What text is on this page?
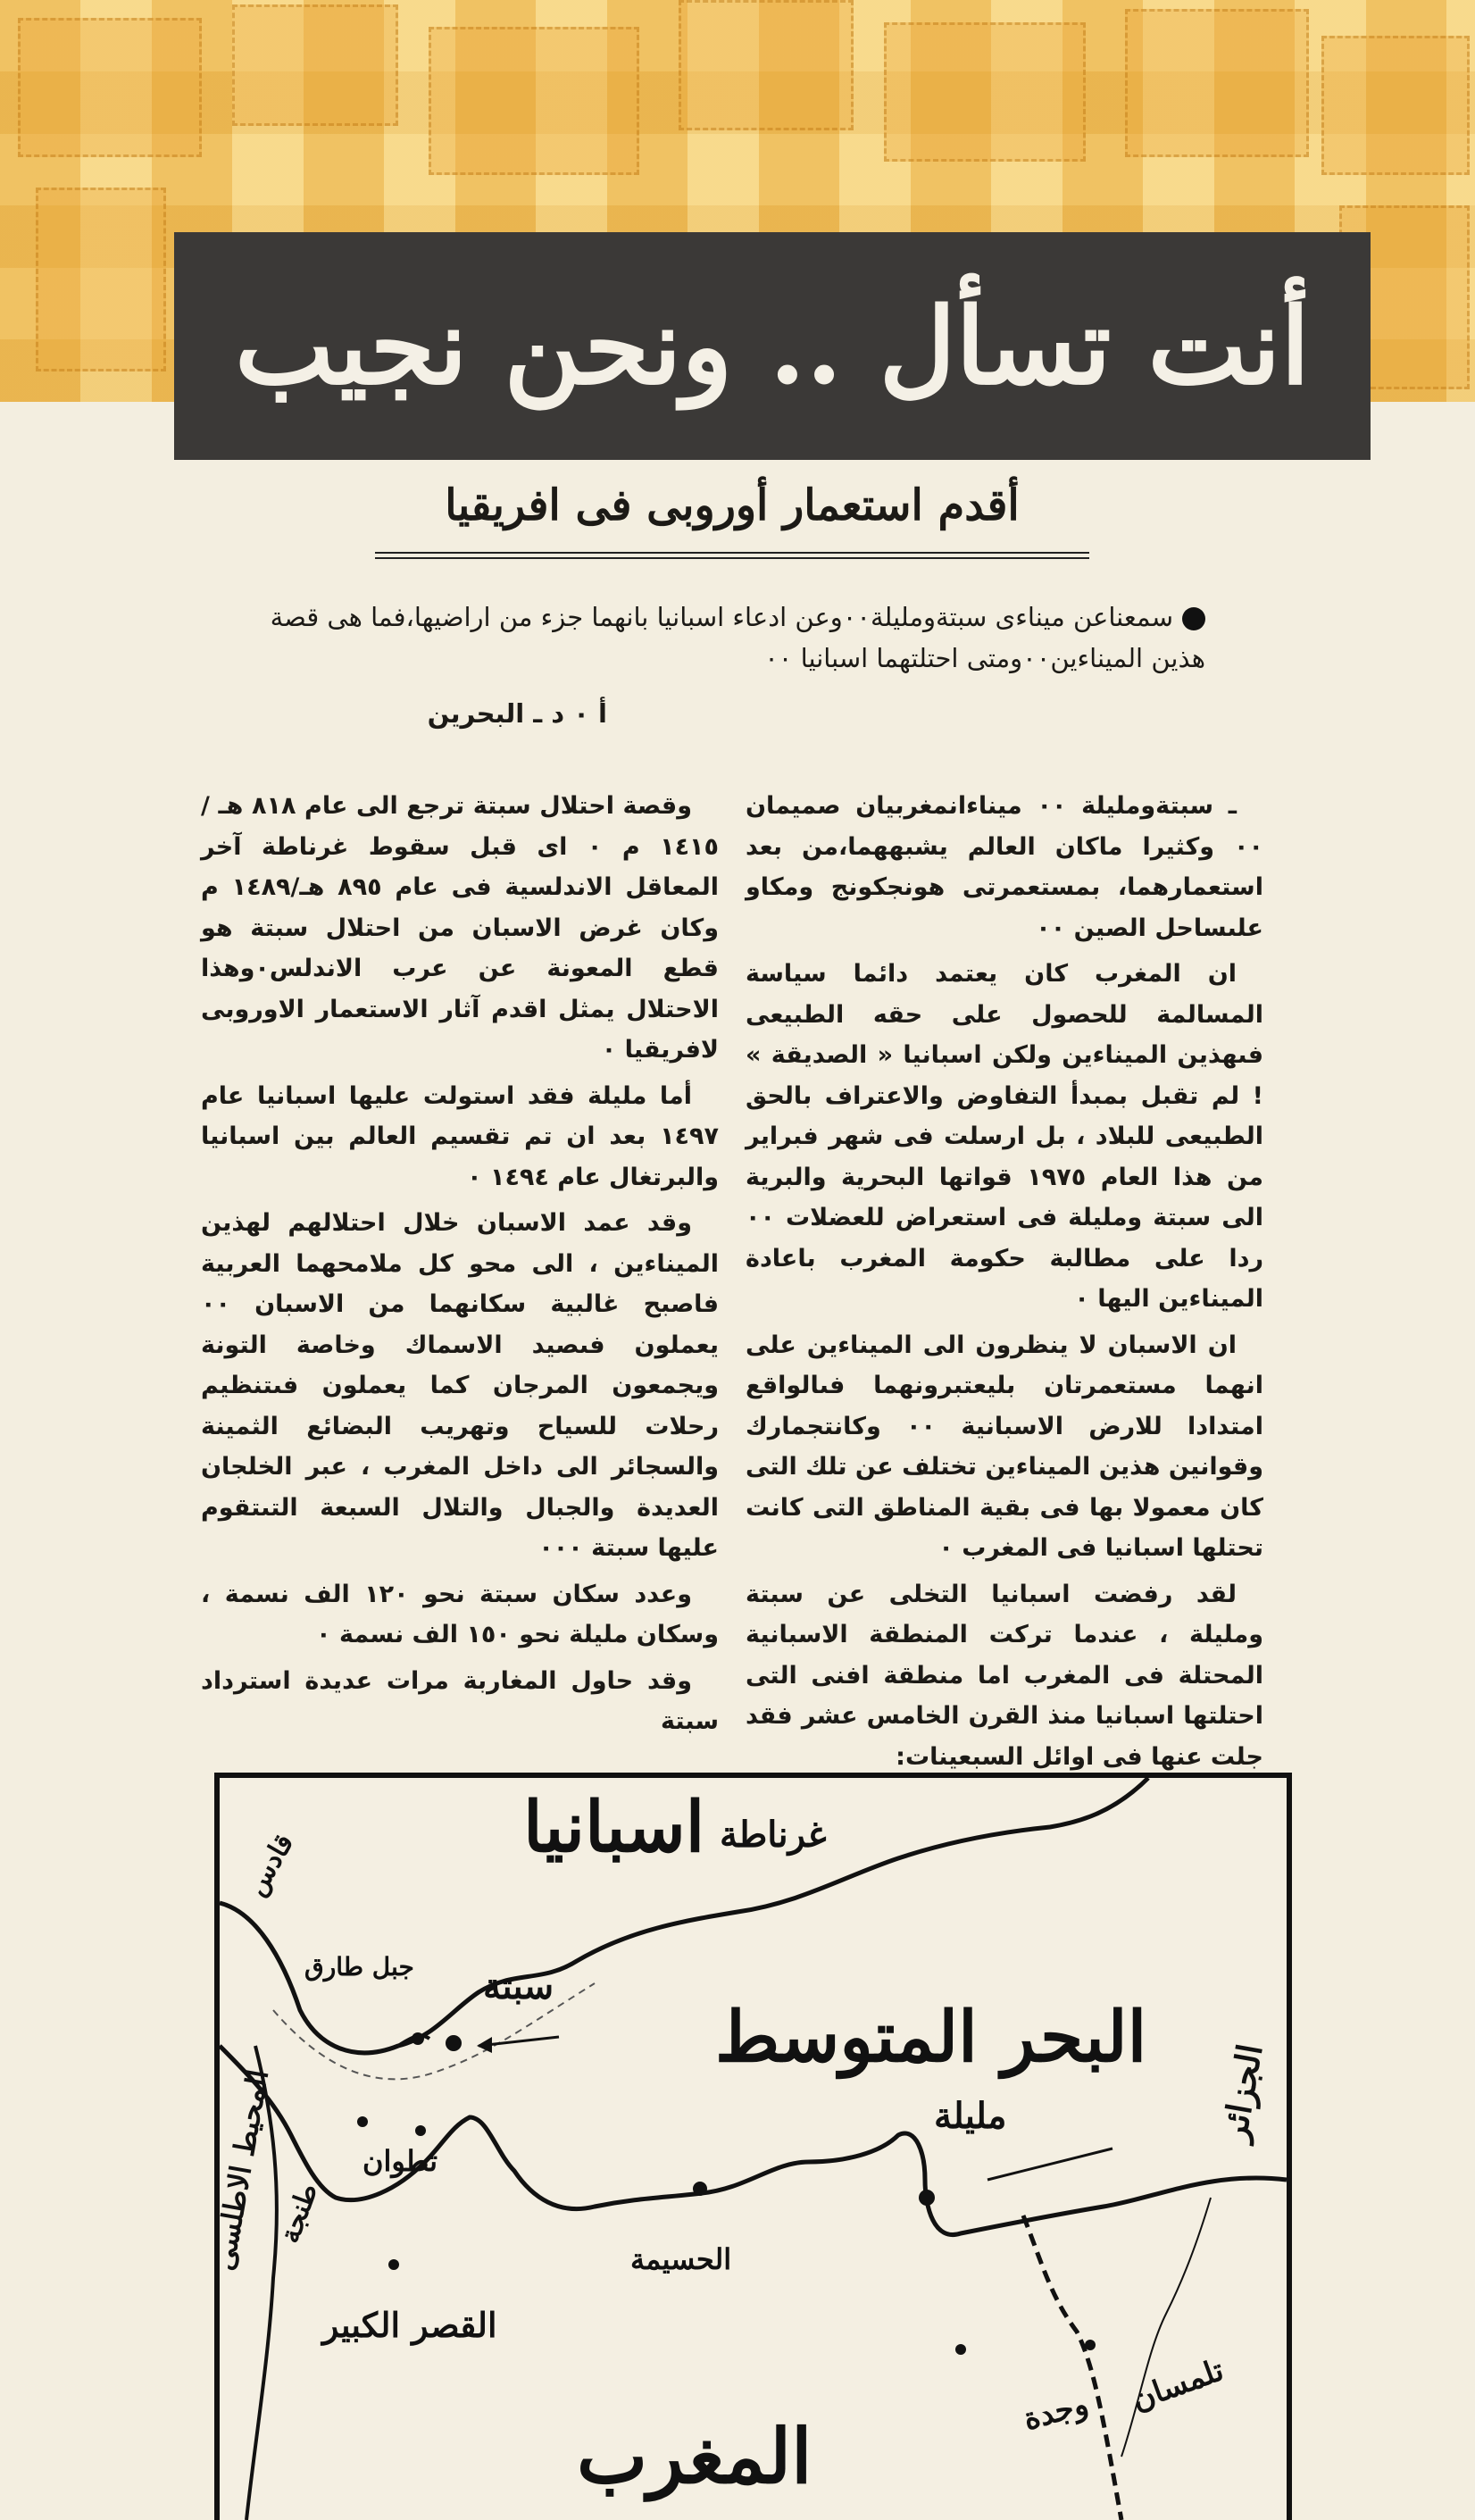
أنت تسأل .. ونحن نجيب
أقدم استعمار أوروبى فى افريقيا
سمعناعن ميناءى سبتةومليلة٠٠وعن ادعاء اسبانيا بانهما جزء من اراضيها،فما هى قصة هذين الميناءين٠٠ومتى احتلتهما اسبانيا ٠٠
أ ٠ د ـ البحرين

ـ سبتةومليلة ٠٠ ميناءانمغربيان صميمان ٠٠ وكثيرا ماكان العالم يشبههما،من بعد استعمارهما، بمستعمرتى هونجكونج ومكاو علىساحل الصين ٠٠

ان المغرب كان يعتمد دائما سياسة المسالمة للحصول على حقه الطبيعى فىهذين الميناءين ولكن اسبانيا « الصديقة » ! لم تقبل بمبدأ التفاوض والاعتراف بالحق الطبيعى للبلاد ، بل ارسلت فى شهر فبراير من هذا العام ١٩٧٥ قواتها البحرية والبرية الى سبتة ومليلة فى استعراض للعضلات ٠٠ ردا على مطالبة حكومة المغرب باعادة الميناءين اليها ٠

ان الاسبان لا ينظرون الى الميناءين على انهما مستعمرتان بليعتبرونهما فىالواقع امتدادا للارض الاسبانية ٠٠ وكانتجمارك وقوانين هذين الميناءين تختلف عن تلك التى كان معمولا بها فى بقية المناطق التى كانت تحتلها اسبانيا فى المغرب ٠

لقد رفضت اسبانيا التخلى عن سبتة ومليلة ، عندما تركت المنطقة الاسبانية المحتلة فى المغرب اما منطقة افنى التى احتلتها اسبانيا منذ القرن الخامس عشر فقد جلت عنها فى اوائل السبعينات:

وقصة احتلال سبتة ترجع الى عام ٨١٨ هـ / ١٤١٥ م ٠ اى قبل سقوط غرناطة آخر المعاقل الاندلسية فى عام ٨٩٥ هـ/١٤٨٩ م وكان غرض الاسبان من احتلال سبتة هو قطع المعونة عن عرب الاندلس٠وهذا الاحتلال يمثل اقدم آثار الاستعمار الاوروبى لافريقيا ٠

أما مليلة فقد استولت عليها اسبانيا عام ١٤٩٧ بعد ان تم تقسيم العالم بين اسبانيا والبرتغال عام ١٤٩٤ ٠

وقد عمد الاسبان خلال احتلالهم لهذين الميناءين ، الى محو كل ملامحهما العربية فاصبح غالبية سكانهما من الاسبان ٠٠ يعملون فىصيد الاسماك وخاصة التونة ويجمعون المرجان كما يعملون فىتنظيم رحلات للسياح وتهريب البضائع الثمينة والسجائر الى داخل المغرب ، عبر الخلجان العديدة والجبال والتلال السبعة التىتقوم عليها سبتة ٠٠٠

وعدد سكان سبتة نحو ١٢٠ الف نسمة ، وسكان مليلة نحو ١٥٠ الف نسمة ٠

وقد حاول المغاربة مرات عديدة استرداد سبتة

اسبانيا غرناطة
قادس
جبل طارق سبتة
البحر المتوسط
المحيط الاطلسى
طنجة
تطوان
مليلة
الحسيمة
القصر الكبير
الجزائر
تلمسان
وجدة
المغرب
